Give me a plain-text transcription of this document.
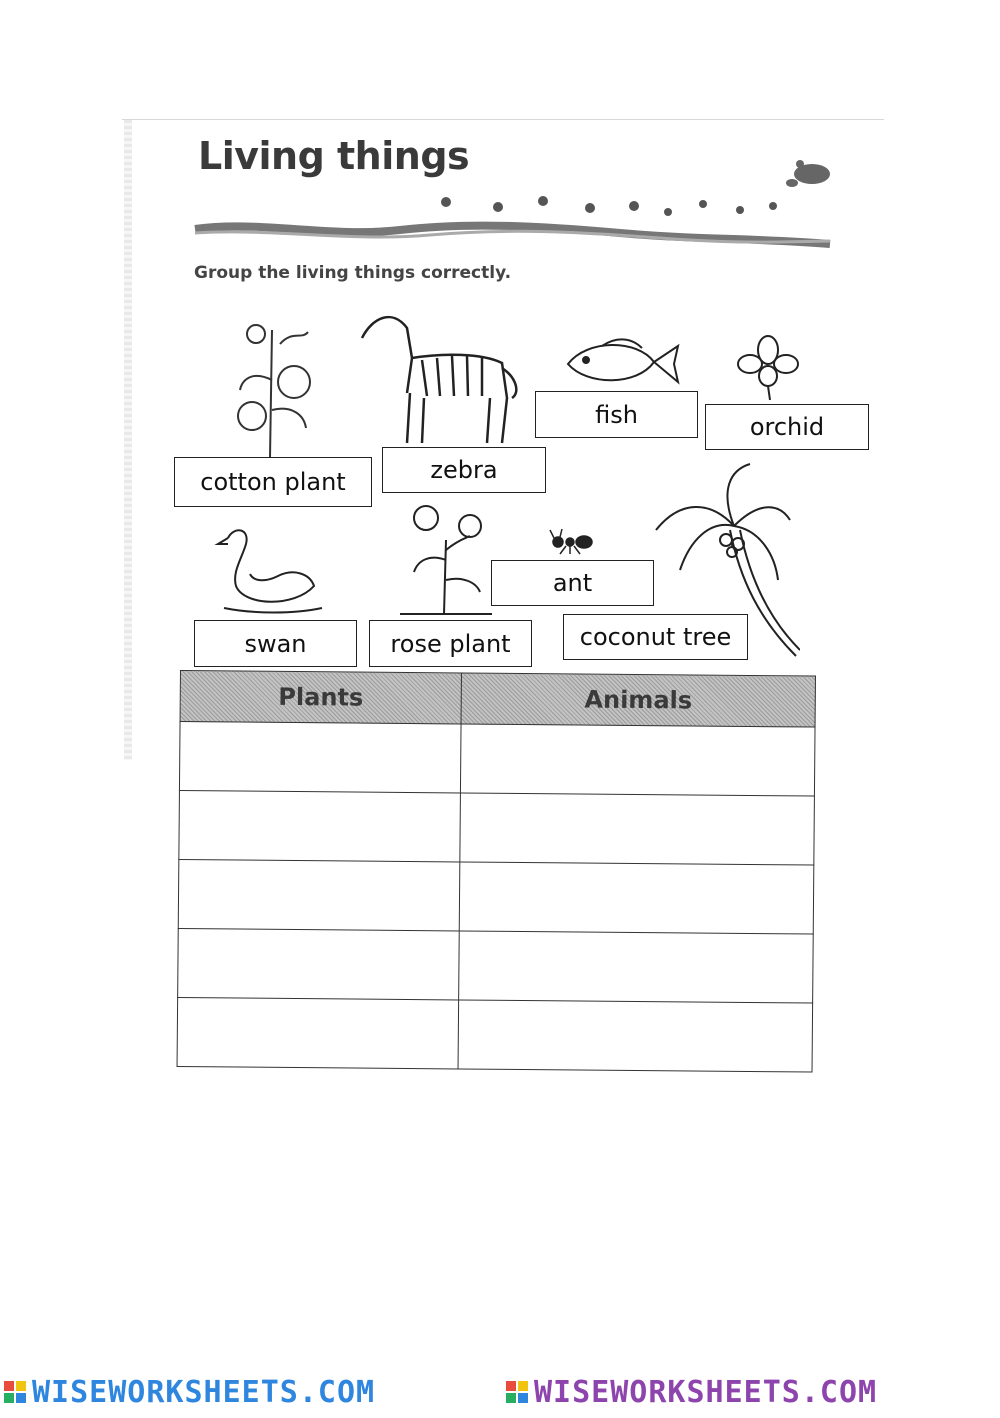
Living things
Group the living things correctly.
cotton plant	zebra
fish	orchid
swan	rose plant
ant
coconut tree
Plants	Animals

WISEWORKSHEETS.COM	WISEWORKSHEETS.COM
